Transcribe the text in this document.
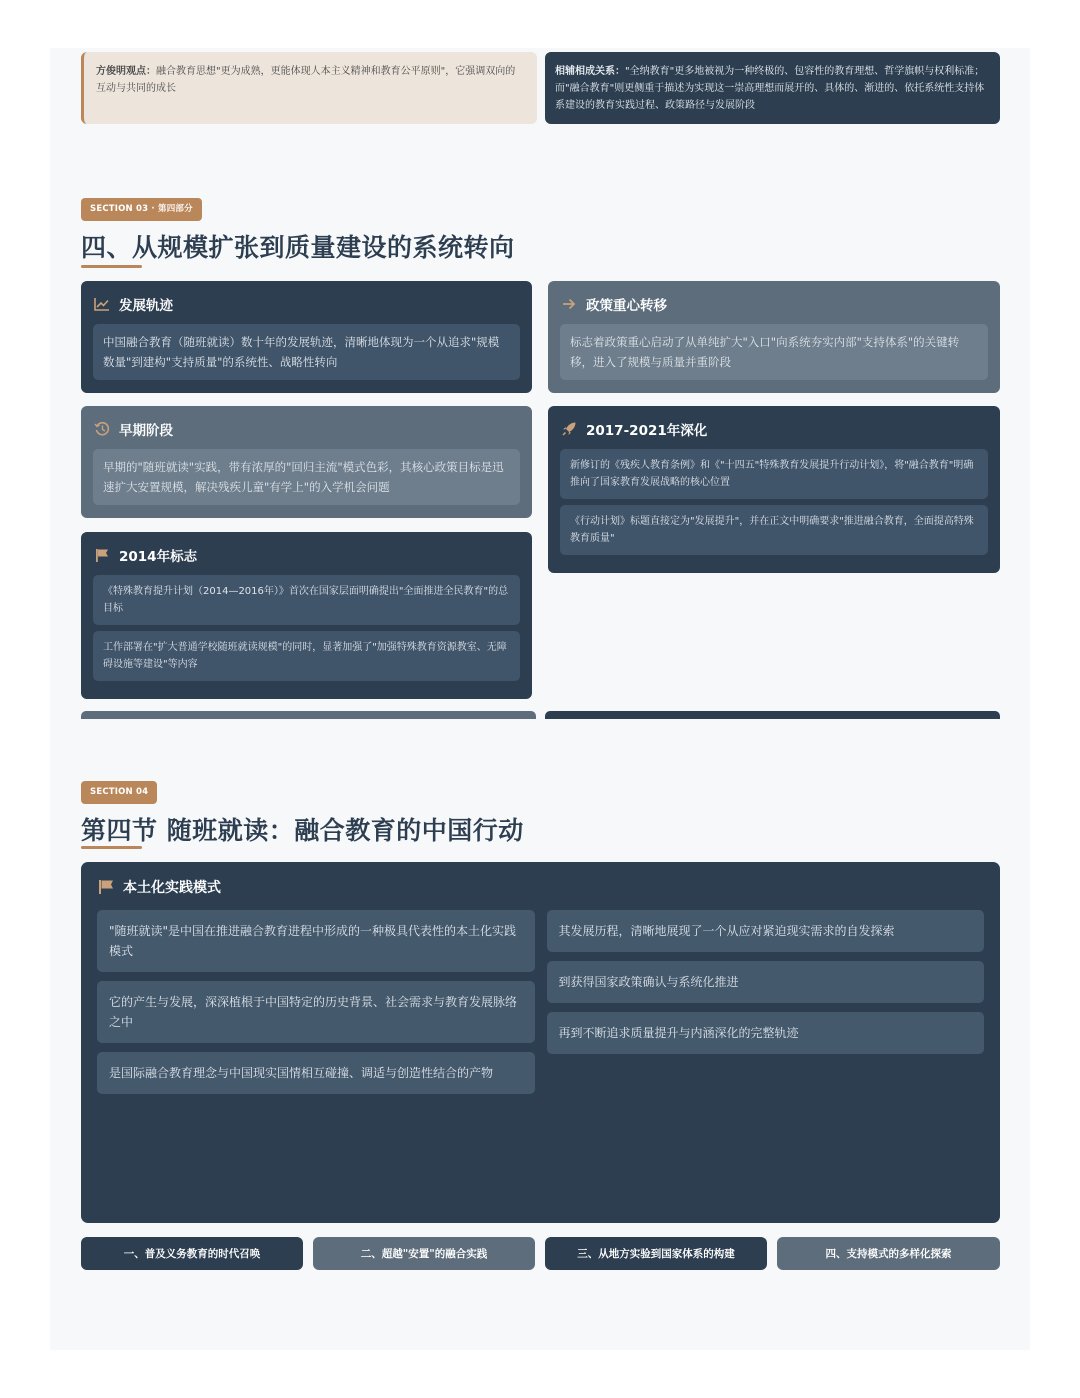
方俊明观点：融合教育思想"更为成熟，更能体现人本主义精神和教育公平原则"，它强调双向的互动与共同的成长
相辅相成关系："全纳教育"更多地被视为一种终极的、包容性的教育理想、哲学旗帜与权利标准；而"融合教育"则更侧重于描述为实现这一崇高理想而展开的、具体的、渐进的、依托系统性支持体系建设的教育实践过程、政策路径与发展阶段
SECTION 03 · 第四部分
四、从规模扩张到质量建设的系统转向
发展轨迹
中国融合教育（随班就读）数十年的发展轨迹，清晰地体现为一个从追求"规模数量"到建构"支持质量"的系统性、战略性转向
政策重心转移
标志着政策重心启动了从单纯扩大"入口"向系统夯实内部"支持体系"的关键转移，进入了规模与质量并重阶段
早期阶段
早期的"随班就读"实践，带有浓厚的"回归主流"模式色彩，其核心政策目标是迅速扩大安置规模，解决残疾儿童"有学上"的入学机会问题
2017-2021年深化
新修订的《残疾人教育条例》和《"十四五"特殊教育发展提升行动计划》，将"融合教育"明确推向了国家教育发展战略的核心位置
《行动计划》标题直接定为"发展提升"，并在正文中明确要求"推进融合教育，全面提高特殊教育质量"
2014年标志
《特殊教育提升计划（2014—2016年）》首次在国家层面明确提出"全面推进全民教育"的总目标
工作部署在"扩大普通学校随班就读规模"的同时，显著加强了"加强特殊教育资源教室、无障碍设施等建设"等内容
SECTION 04
第四节 随班就读：融合教育的中国行动
本土化实践模式
"随班就读"是中国在推进融合教育进程中形成的一种极具代表性的本土化实践模式
它的产生与发展，深深植根于中国特定的历史背景、社会需求与教育发展脉络之中
是国际融合教育理念与中国现实国情相互碰撞、调适与创造性结合的产物
其发展历程，清晰地展现了一个从应对紧迫现实需求的自发探索
到获得国家政策确认与系统化推进
再到不断追求质量提升与内涵深化的完整轨迹
一、普及义务教育的时代召唤	二、超越"安置"的融合实践	三、从地方实验到国家体系的构建	四、支持模式的多样化探索
